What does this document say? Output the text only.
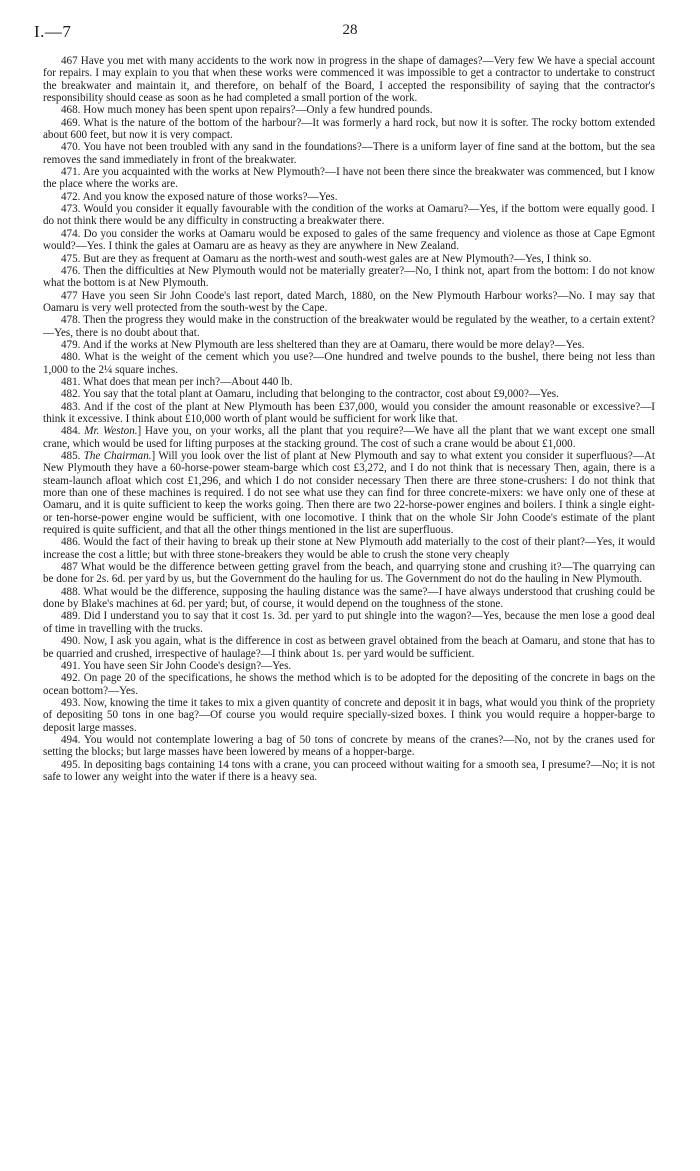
I.—7	28

467 Have you met with many accidents to the work now in progress in the shape of damages?—Very few We have a special account for repairs. I may explain to you that when these works were commenced it was impossible to get a contractor to undertake to construct the breakwater and maintain it, and therefore, on behalf of the Board, I accepted the responsibility of saying that the contractor's responsibility should cease as soon as he had completed a small portion of the work.

468. How much money has been spent upon repairs?—Only a few hundred pounds.

469. What is the nature of the bottom of the harbour?—It was formerly a hard rock, but now it is softer. The rocky bottom extended about 600 feet, but now it is very compact.

470. You have not been troubled with any sand in the foundations?—There is a uniform layer of fine sand at the bottom, but the sea removes the sand immediately in front of the breakwater.

471. Are you acquainted with the works at New Plymouth?—I have not been there since the breakwater was commenced, but I know the place where the works are.

472. And you know the exposed nature of those works?—Yes.

473. Would you consider it equally favourable with the condition of the works at Oamaru?—Yes, if the bottom were equally good. I do not think there would be any difficulty in constructing a breakwater there.

474. Do you consider the works at Oamaru would be exposed to gales of the same frequency and violence as those at Cape Egmont would?—Yes. I think the gales at Oamaru are as heavy as they are anywhere in New Zealand.

475. But are they as frequent at Oamaru as the north-west and south-west gales are at New Plymouth?—Yes, I think so.

476. Then the difficulties at New Plymouth would not be materially greater?—No, I think not, apart from the bottom: I do not know what the bottom is at New Plymouth.

477 Have you seen Sir John Coode's last report, dated March, 1880, on the New Plymouth Harbour works?—No. I may say that Oamaru is very well protected from the south-west by the Cape.

478. Then the progress they would make in the construction of the breakwater would be regulated by the weather, to a certain extent?—Yes, there is no doubt about that.

479. And if the works at New Plymouth are less sheltered than they are at Oamaru, there would be more delay?—Yes.

480. What is the weight of the cement which you use?—One hundred and twelve pounds to the bushel, there being not less than 1,000 to the 2¼ square inches.

481. What does that mean per inch?—About 440 lb.

482. You say that the total plant at Oamaru, including that belonging to the contractor, cost about £9,000?—Yes.

483. And if the cost of the plant at New Plymouth has been £37,000, would you consider the amount reasonable or excessive?—I think it excessive. I think about £10,000 worth of plant would be sufficient for work like that.

484. Mr. Weston.] Have you, on your works, all the plant that you require?—We have all the plant that we want except one small crane, which would be used for lifting purposes at the stacking ground. The cost of such a crane would be about £1,000.

485. The Chairman.] Will you look over the list of plant at New Plymouth and say to what extent you consider it superfluous?—At New Plymouth they have a 60-horse-power steam-barge which cost £3,272, and I do not think that is necessary Then, again, there is a steam-launch afloat which cost £1,296, and which I do not consider necessary Then there are three stone-crushers: I do not think that more than one of these machines is required. I do not see what use they can find for three concrete-mixers: we have only one of these at Oamaru, and it is quite sufficient to keep the works going. Then there are two 22-horse-power engines and boilers. I think a single eight- or ten-horse-power engine would be sufficient, with one locomotive. I think that on the whole Sir John Coode's estimate of the plant required is quite sufficient, and that all the other things mentioned in the list are superfluous.

486. Would the fact of their having to break up their stone at New Plymouth add materially to the cost of their plant?—Yes, it would increase the cost a little; but with three stone-breakers they would be able to crush the stone very cheaply

487 What would be the difference between getting gravel from the beach, and quarrying stone and crushing it?—The quarrying can be done for 2s. 6d. per yard by us, but the Government do the hauling for us. The Government do not do the hauling in New Plymouth.

488. What would be the difference, supposing the hauling distance was the same?—I have always understood that crushing could be done by Blake's machines at 6d. per yard; but, of course, it would depend on the toughness of the stone.

489. Did I understand you to say that it cost 1s. 3d. per yard to put shingle into the wagon?—Yes, because the men lose a good deal of time in travelling with the trucks.

490. Now, I ask you again, what is the difference in cost as between gravel obtained from the beach at Oamaru, and stone that has to be quarried and crushed, irrespective of haulage?—I think about 1s. per yard would be sufficient.

491. You have seen Sir John Coode's design?—Yes.

492. On page 20 of the specifications, he shows the method which is to be adopted for the depositing of the concrete in bags on the ocean bottom?—Yes.

493. Now, knowing the time it takes to mix a given quantity of concrete and deposit it in bags, what would you think of the propriety of depositing 50 tons in one bag?—Of course you would require specially-sized boxes. I think you would require a hopper-barge to deposit large masses.

494. You would not contemplate lowering a bag of 50 tons of concrete by means of the cranes?—No, not by the cranes used for setting the blocks; but large masses have been lowered by means of a hopper-barge.

495. In depositing bags containing 14 tons with a crane, you can proceed without waiting for a smooth sea, I presume?—No; it is not safe to lower any weight into the water if there is a heavy sea.
